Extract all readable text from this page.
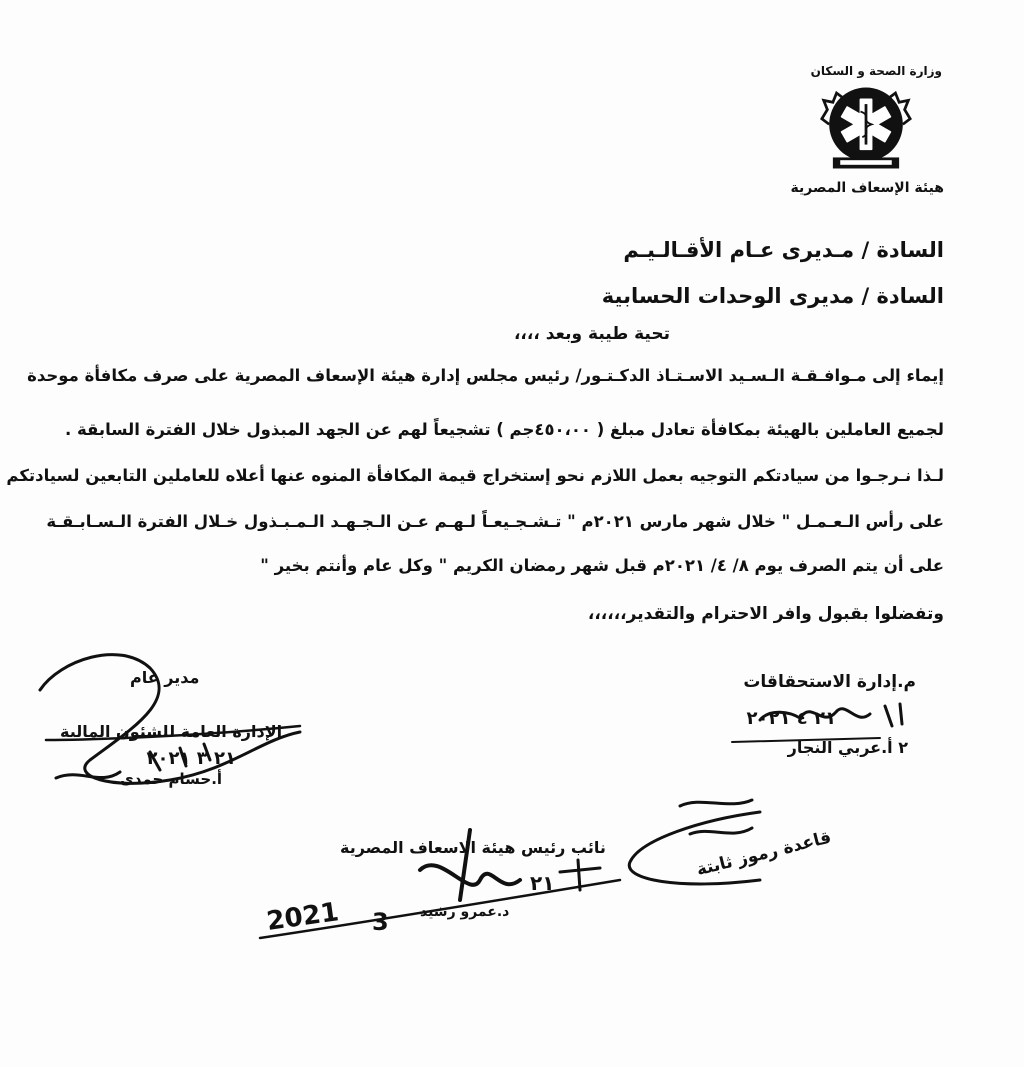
وزارة الصحة و السكان
هيئة الإسعاف المصرية
السادة / مـديرى عـام الأقـالـيـم
السادة / مديرى الوحدات الحسابية
تحية طيبة وبعد ،،،،
إيماء إلى مـوافـقـة الـسـيد الاسـتـاذ الدكـتـور/ رئيس مجلس إدارة هيئة الإسعاف المصرية على صرف مكافأة موحدة
لجميع العاملين بالهيئة بمكافأة تعادل مبلغ ( ٤٥٠،٠٠جم ) تشجيعاً لهم عن الجهد المبذول خلال الفترة السابقة .
لـذا نـرجـوا من سيادتكم التوجيه بعمل اللازم نحو إستخراج قيمة المكافأة المنوه عنها أعلاه للعاملين التابعين لسيادتكم
على رأس الـعـمـل " خلال شهر مارس ٢٠٢١م " تـشـجـيعـاً لـهـم عـن الـجـهـد الـمـبـذول خـلال الفترة الـسـابـقـة
على أن يتم الصرف يوم ٨/ ٤/ ٢٠٢١م قبل شهر رمضان الكريم " وكل عام وأنتم بخير "
وتفضلوا بقبول وافر الاحترام والتقدير،،،،،،
م.إدارة الاستحقاقات
٢ أ.عربي النجار
مدير عام
الإدارة العامة للشئون المالية
أ.حسام حمدى
نائب رئيس هيئة الاسعاف المصرية
د.عمرو رشيد
2021 3
٢١
٢١ ٤ ٢٠٢١
٢١ ٣ ٢٠٢١
قاعدة رموز ثابتة
